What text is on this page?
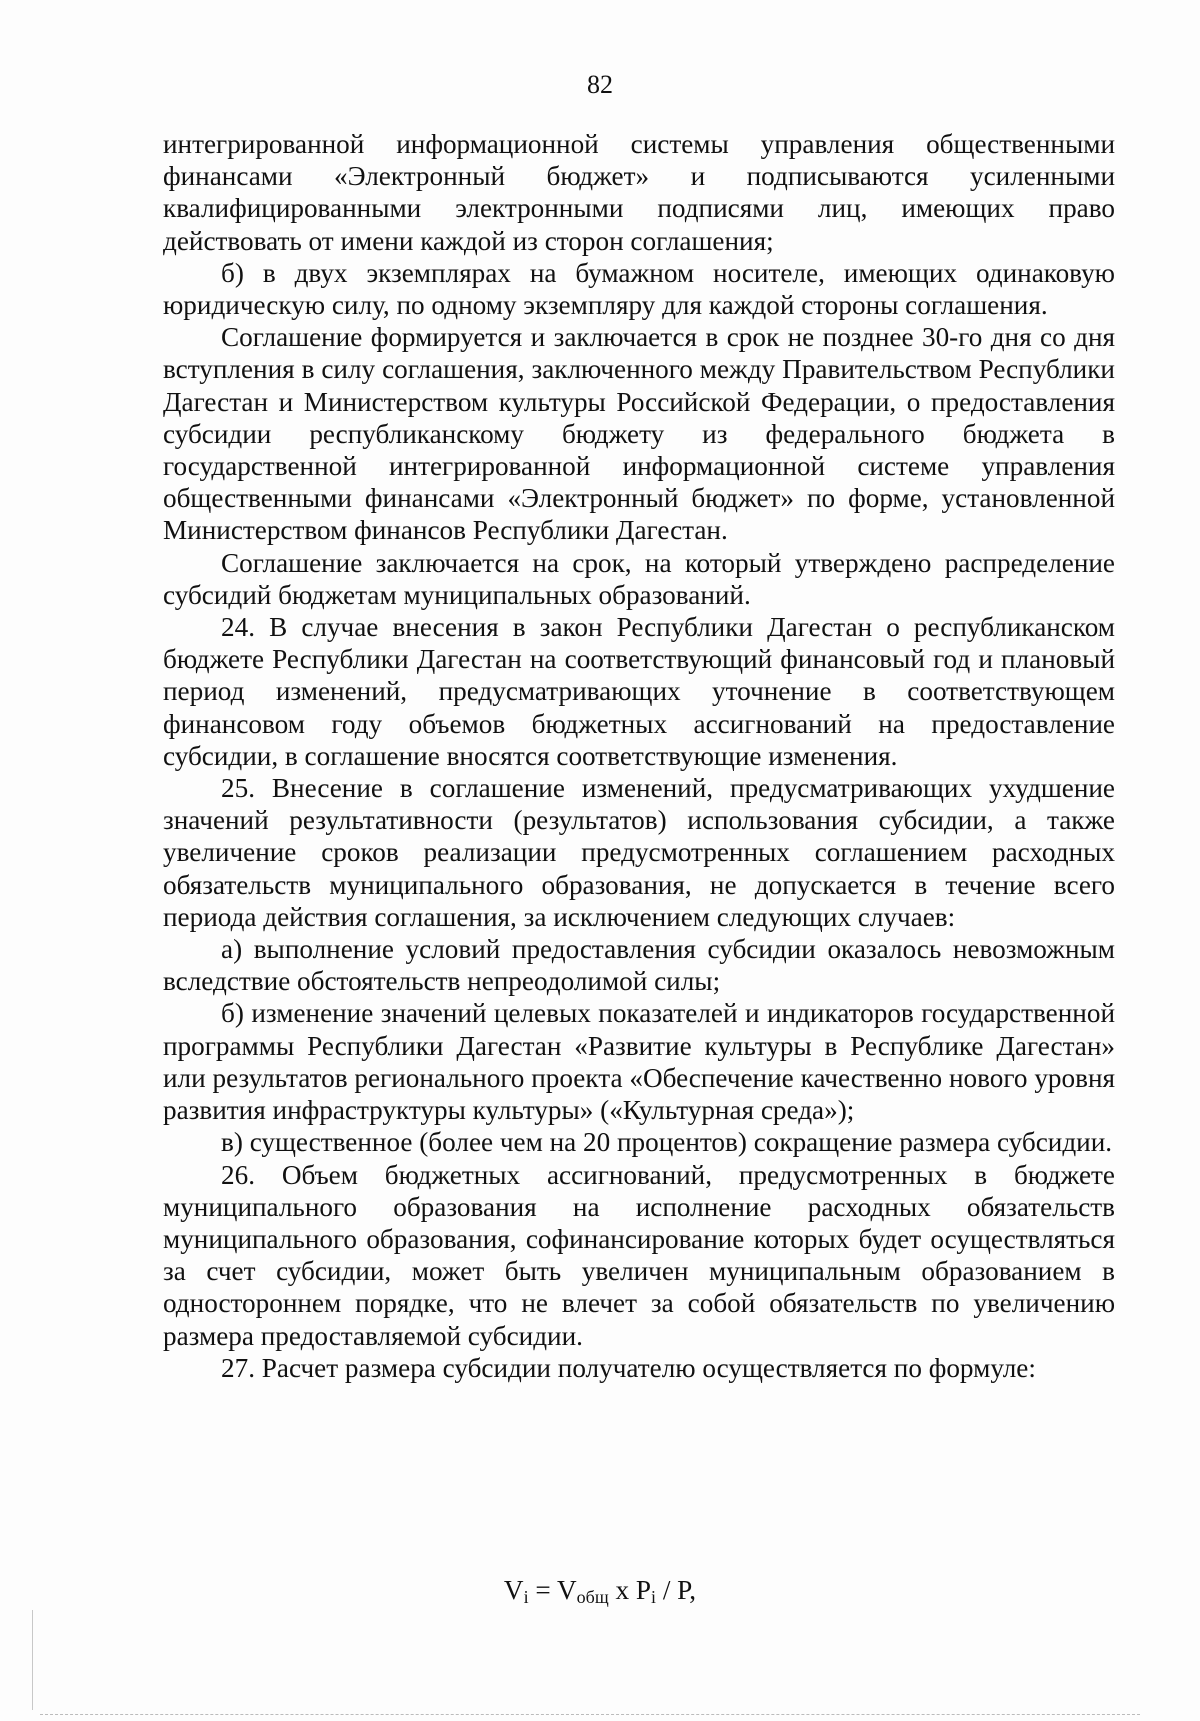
82

интегрированной информационной системы управления общественными финансами «Электронный бюджет» и подписываются усиленными квалифицированными электронными подписями лиц, имеющих право действовать от имени каждой из сторон соглашения;

б) в двух экземплярах на бумажном носителе, имеющих одинаковую юридическую силу, по одному экземпляру для каждой стороны соглашения.

Соглашение формируется и заключается в срок не позднее 30-го дня со дня вступления в силу соглашения, заключенного между Правительством Республики Дагестан и Министерством культуры Российской Федерации, о предоставления субсидии республиканскому бюджету из федерального бюджета в государственной интегрированной информационной системе управления общественными финансами «Электронный бюджет» по форме, установленной Министерством финансов Республики Дагестан.

Соглашение заключается на срок, на который утверждено распределение субсидий бюджетам муниципальных образований.

24. В случае внесения в закон Республики Дагестан о республиканском бюджете Республики Дагестан на соответствующий финансовый год и плановый период изменений, предусматривающих уточнение в соответствующем финансовом году объемов бюджетных ассигнований на предоставление субсидии, в соглашение вносятся соответствующие изменения.

25. Внесение в соглашение изменений, предусматривающих ухудшение значений результативности (результатов) использования субсидии, а также увеличение сроков реализации предусмотренных соглашением расходных обязательств муниципального образования, не допускается в течение всего периода действия соглашения, за исключением следующих случаев:

а) выполнение условий предоставления субсидии оказалось невозможным вследствие обстоятельств непреодолимой силы;

б) изменение значений целевых показателей и индикаторов государственной программы Республики Дагестан «Развитие культуры в Республике Дагестан» или результатов регионального проекта «Обеспечение качественно нового уровня развития инфраструктуры культуры» («Культурная среда»);

в) существенное (более чем на 20 процентов) сокращение размера субсидии.

26. Объем бюджетных ассигнований, предусмотренных в бюджете муниципального образования на исполнение расходных обязательств муниципального образования, софинансирование которых будет осуществляться за счет субсидии, может быть увеличен муниципальным образованием в одностороннем порядке, что не влечет за собой обязательств по увеличению размера предоставляемой субсидии.

27. Расчет размера субсидии получателю осуществляется по формуле:

$V_i = V_{общ}$ x $P_i$ / P,
